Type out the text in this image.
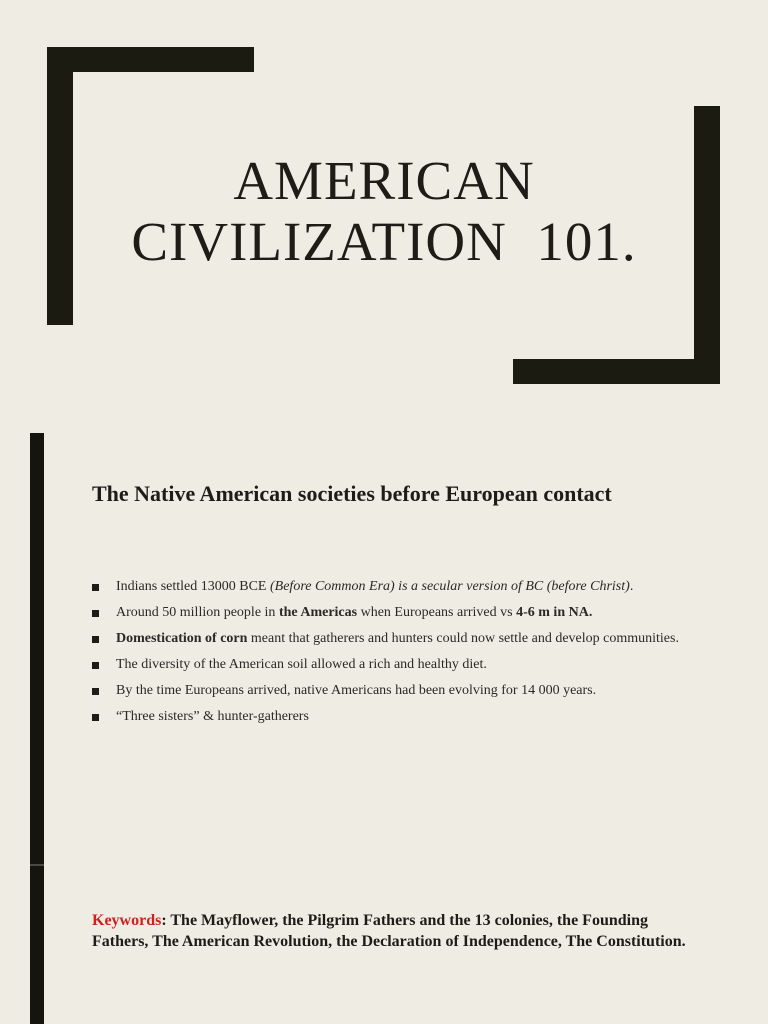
AMERICAN
CIVILIZATION  101.
The Native American societies before European contact
Indians settled 13000 BCE (Before Common Era) is a secular version of BC (before Christ).
Around 50 million people in the Americas when Europeans arrived vs 4-6 m in NA.
Domestication of corn meant that gatherers and hunters could now settle and develop communities.
The diversity of the American soil allowed a rich and healthy diet.
By the time Europeans arrived, native Americans had been evolving for 14 000 years.
“Three sisters” & hunter-gatherers

Keywords: The Mayflower, the Pilgrim Fathers and the 13 colonies, the Founding Fathers, The American Revolution, the Declaration of Independence, The Constitution.
